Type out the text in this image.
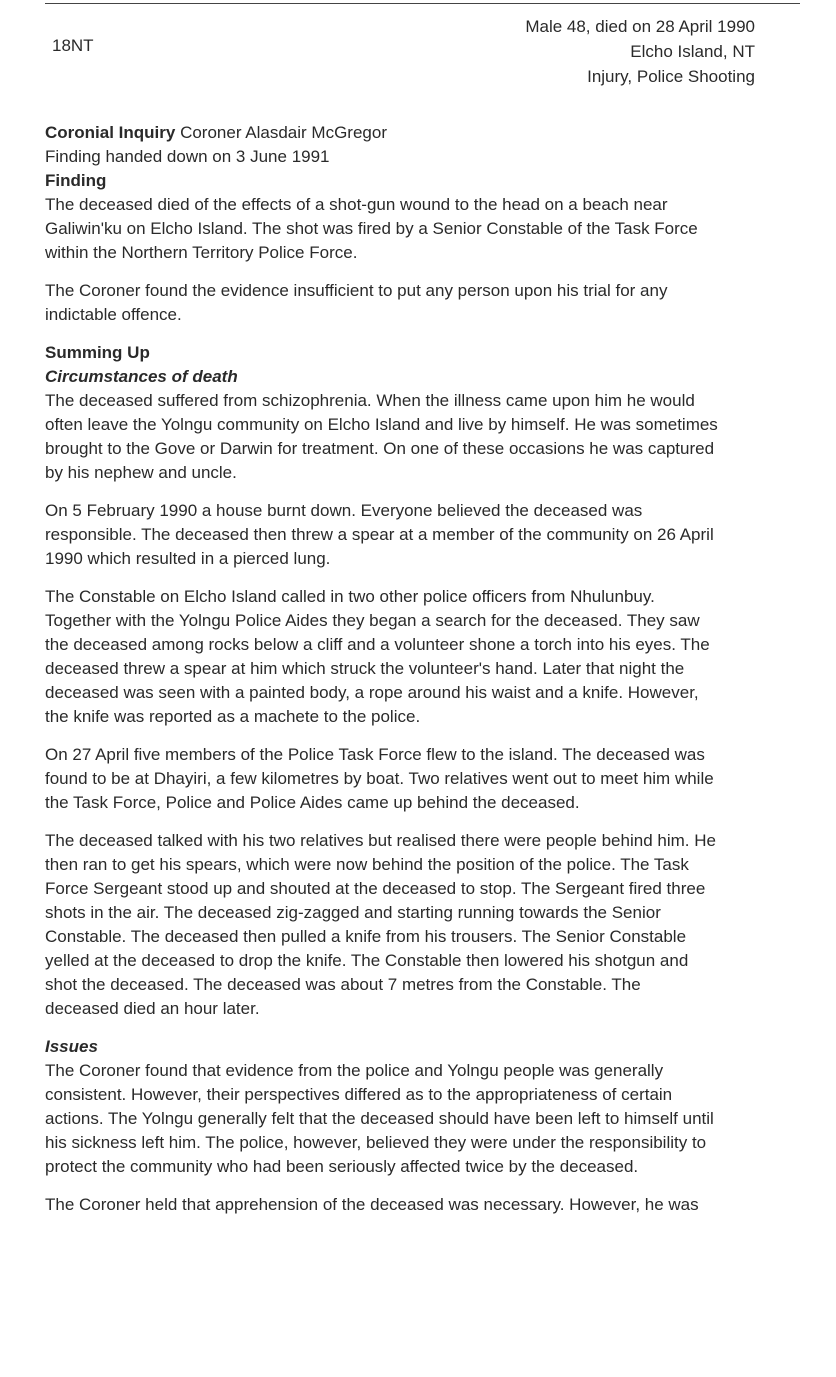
18NT
Male 48, died on 28 April 1990
Elcho Island, NT
Injury, Police Shooting

Coronial Inquiry Coroner Alasdair McGregor

Finding handed down on 3 June 1991

Finding

The deceased died of the effects of a shot-gun wound to the head on a beach near
Galiwin'ku on Elcho Island. The shot was fired by a Senior Constable of the Task Force
within the Northern Territory Police Force.
The Coroner found the evidence insufficient to put any person upon his trial for any
indictable offence.

Summing Up

Circumstances of death

The deceased suffered from schizophrenia. When the illness came upon him he would
often leave the Yolngu community on Elcho Island and live by himself. He was sometimes
brought to the Gove or Darwin for treatment. On one of these occasions he was captured
by his nephew and uncle.
On 5 February 1990 a house burnt down. Everyone believed the deceased was
responsible. The deceased then threw a spear at a member of the community on 26 April
1990 which resulted in a pierced lung.
The Constable on Elcho Island called in two other police officers from Nhulunbuy.
Together with the Yolngu Police Aides they began a search for the deceased. They saw
the deceased among rocks below a cliff and a volunteer shone a torch into his eyes. The
deceased threw a spear at him which struck the volunteer's hand. Later that night the
deceased was seen with a painted body, a rope around his waist and a knife. However,
the knife was reported as a machete to the police.
On 27 April five members of the Police Task Force flew to the island. The deceased was
found to be at Dhayiri, a few kilometres by boat. Two relatives went out to meet him while
the Task Force, Police and Police Aides came up behind the deceased.
The deceased talked with his two relatives but realised there were people behind him. He
then ran to get his spears, which were now behind the position of the police. The Task
Force Sergeant stood up and shouted at the deceased to stop. The Sergeant fired three
shots in the air. The deceased zig-zagged and starting running towards the Senior
Constable. The deceased then pulled a knife from his trousers. The Senior Constable
yelled at the deceased to drop the knife. The Constable then lowered his shotgun and
shot the deceased. The deceased was about 7 metres from the Constable. The
deceased died an hour later.

Issues

The Coroner found that evidence from the police and Yolngu people was generally
consistent. However, their perspectives differed as to the appropriateness of certain
actions. The Yolngu generally felt that the deceased should have been left to himself until
his sickness left him. The police, however, believed they were under the responsibility to
protect the community who had been seriously affected twice by the deceased.
The Coroner held that apprehension of the deceased was necessary. However, he was
